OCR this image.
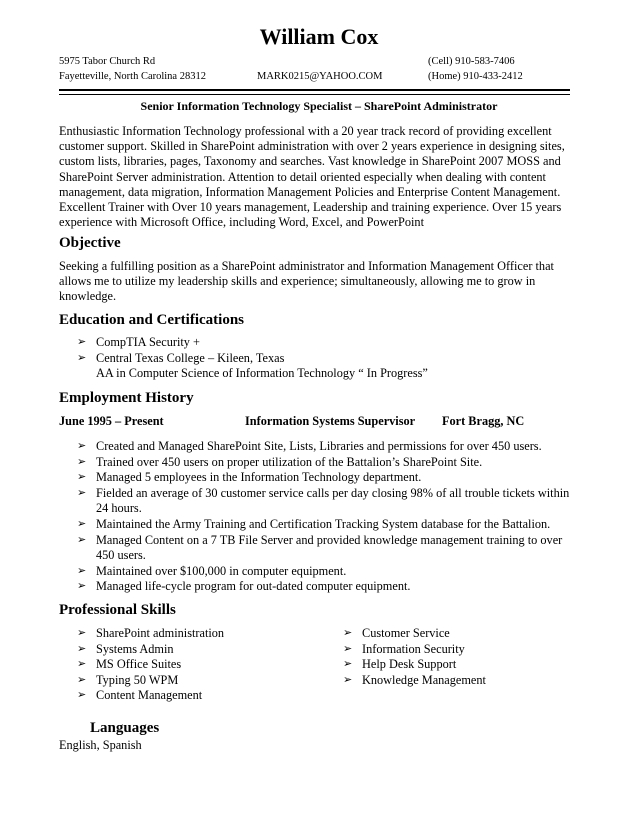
William Cox
5975 Tabor Church Rd
Fayetteville, North Carolina 28312	MARK0215@YAHOO.COM
(Cell) 910-583-7406
(Home) 910-433-2412
Senior Information Technology Specialist – SharePoint Administrator
Enthusiastic Information Technology professional with a 20 year track record of providing excellent customer support. Skilled in SharePoint administration with over 2 years experience in designing sites, custom lists, libraries, pages, Taxonomy and searches. Vast knowledge in SharePoint 2007 MOSS and SharePoint Server administration. Attention to detail oriented especially when dealing with content management, data migration, Information Management Policies and Enterprise Content Management. Excellent Trainer with Over 10 years management, Leadership and training experience. Over 15 years experience with Microsoft Office, including Word, Excel, and PowerPoint
Objective
Seeking a fulfilling position as a SharePoint administrator and Information Management Officer that allows me to utilize my leadership skills and experience; simultaneously, allowing me to grow in knowledge.
Education and Certifications
➢ CompTIA Security +
➢ Central Texas College – Kileen, Texas
AA in Computer Science of Information Technology “ In Progress”
Employment History
June 1995 – Present	Information Systems Supervisor Fort Bragg, NC
➢ Created and Managed SharePoint Site, Lists, Libraries and permissions for over 450 users.
➢ Trained over 450 users on proper utilization of the Battalion’s SharePoint Site.
➢ Managed 5 employees in the Information Technology department.
➢ Fielded an average of 30 customer service calls per day closing 98% of all trouble tickets within 24 hours.
➢ Maintained the Army Training and Certification Tracking System database for the Battalion.
➢ Managed Content on a 7 TB File Server and provided knowledge management training to over 450 users.
➢ Maintained over $100,000 in computer equipment.
➢ Managed life-cycle program for out-dated computer equipment.
Professional Skills
➢ SharePoint administration
➢ Systems Admin
➢ MS Office Suites
➢ Typing 50 WPM
➢ Content Management
➢ Customer Service
➢ Information Security
➢ Help Desk Support
➢ Knowledge Management
Languages
English, Spanish
